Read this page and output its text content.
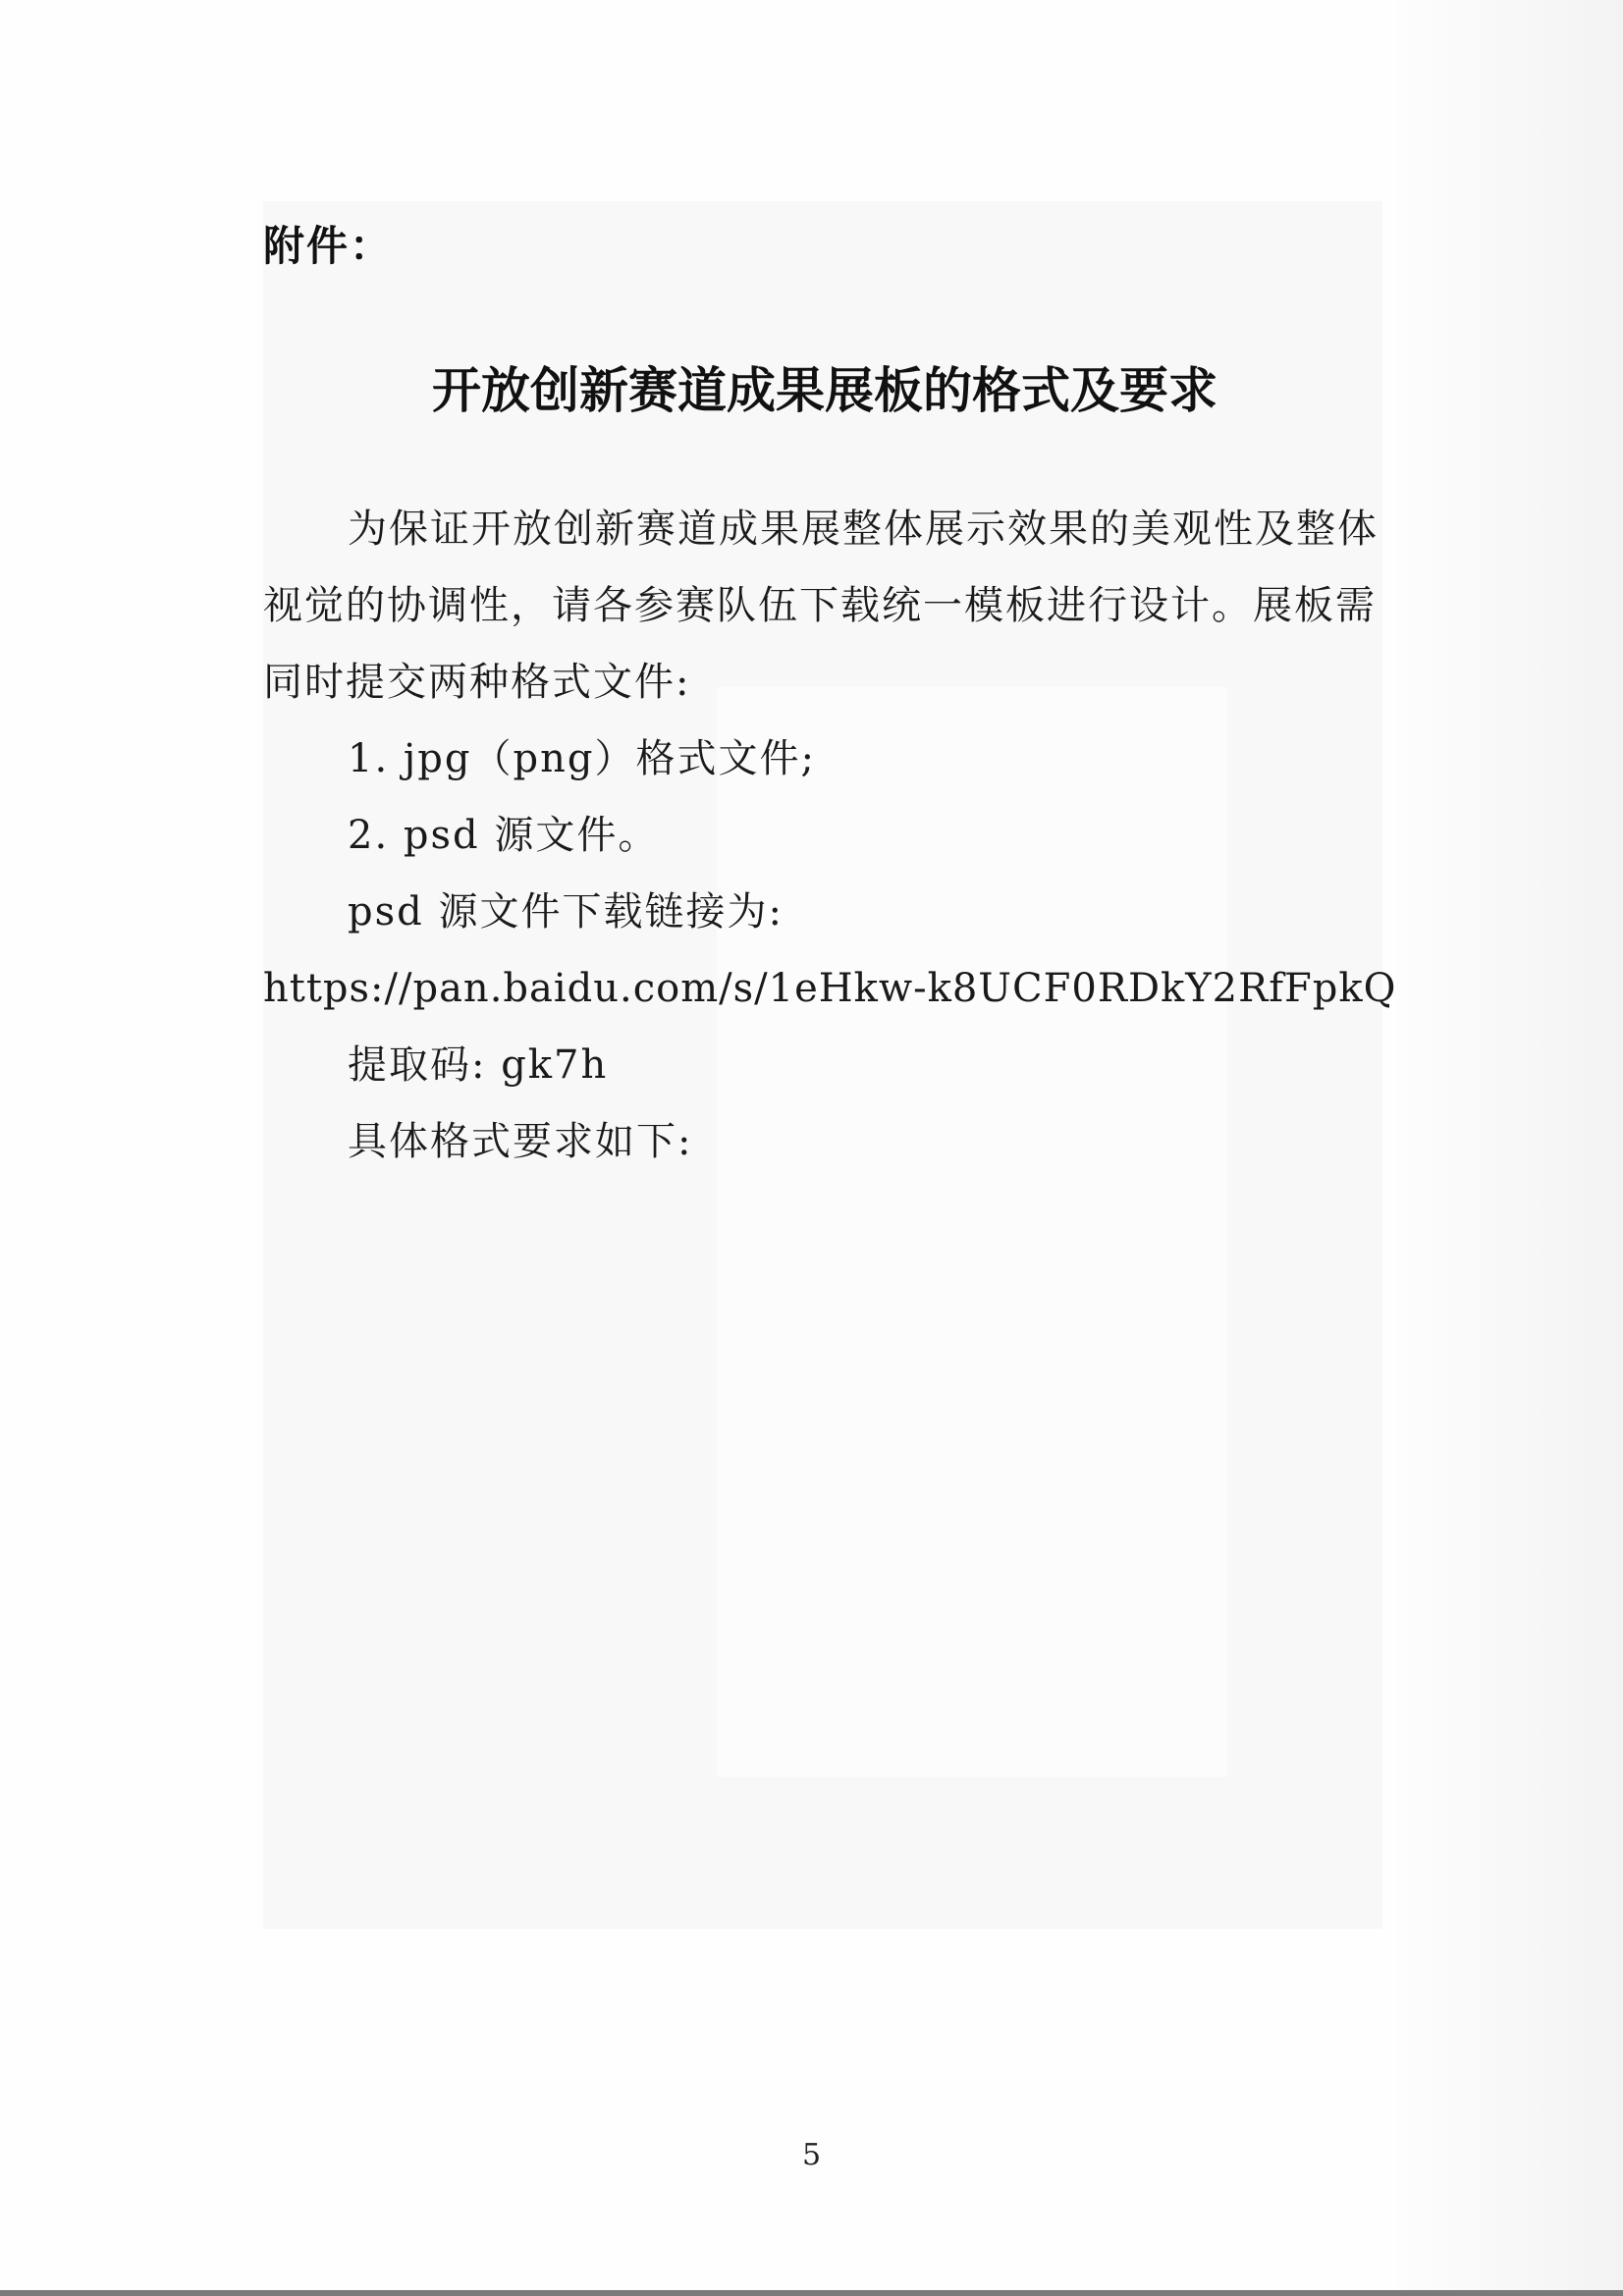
附件：
开放创新赛道成果展板的格式及要求

为保证开放创新赛道成果展整体展示效果的美观性及整体视觉的协调性，请各参赛队伍下载统一模板进行设计。展板需同时提交两种格式文件:

1. jpg（png）格式文件;

2. psd 源文件。

psd 源文件下载链接为:

https://pan.baidu.com/s/1eHkw-k8UCF0RDkY2RfFpkQ

提取码: gk7h

具体格式要求如下:

5
